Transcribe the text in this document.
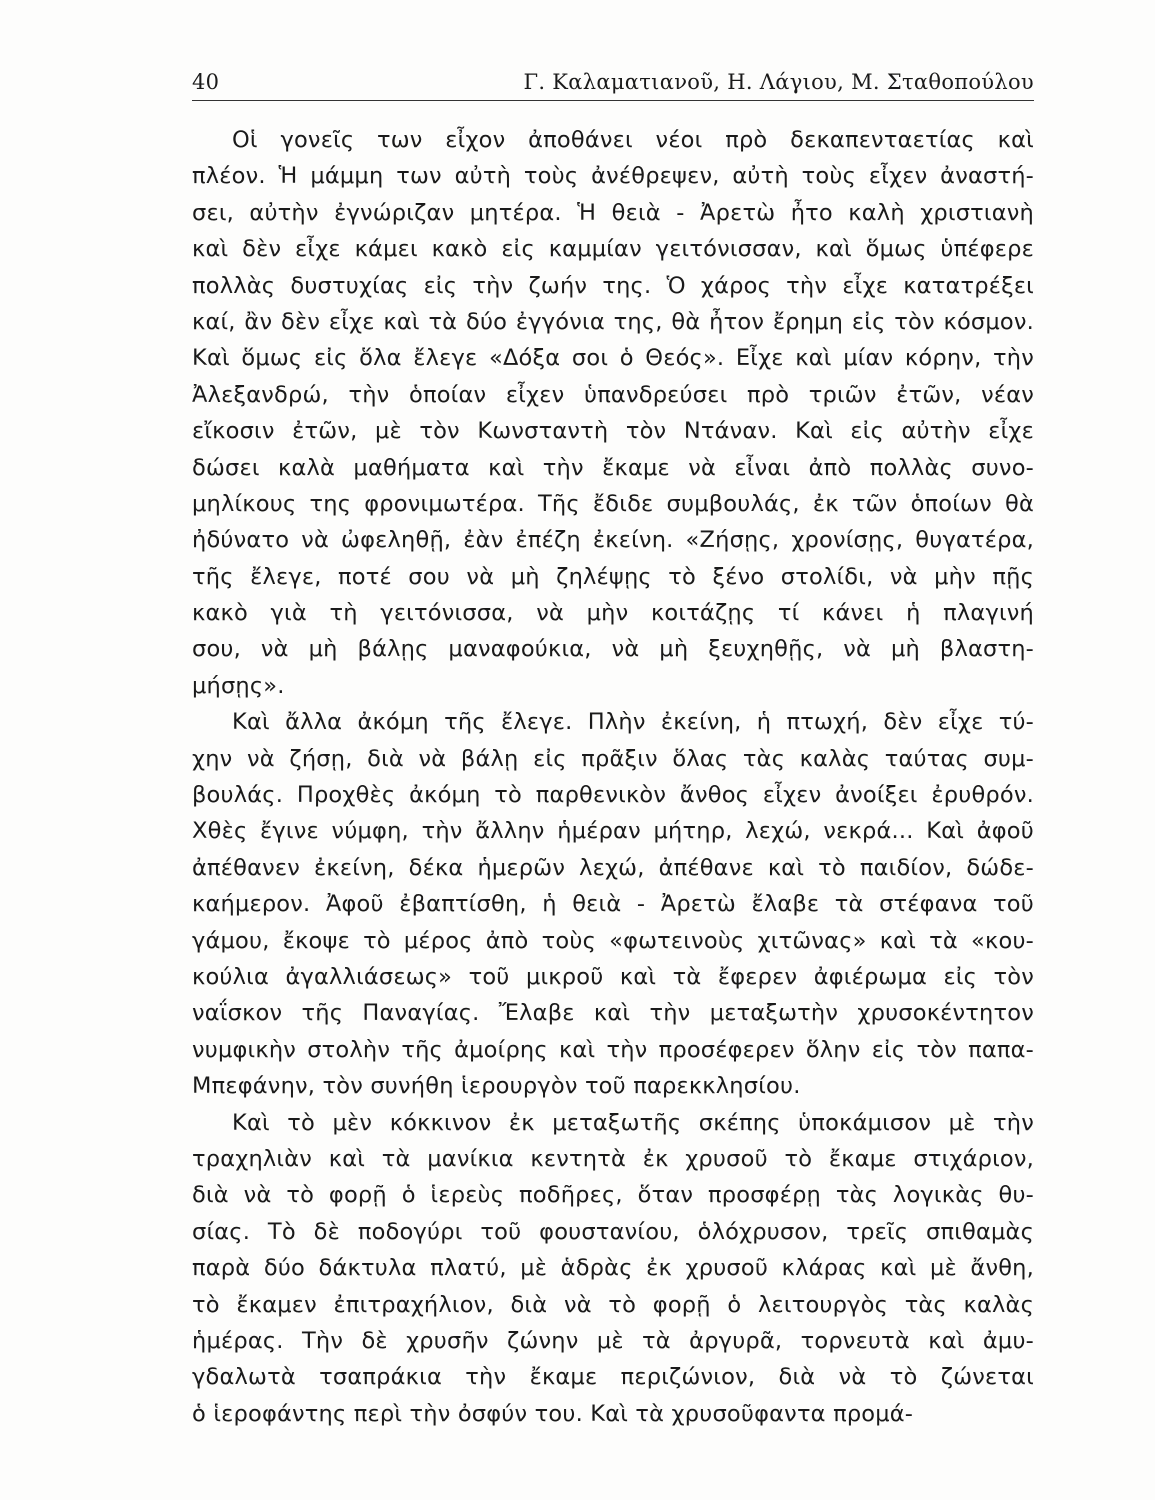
40	Γ. Καλαματιανοῦ, Η. Λάγιου, Μ. Σταθοπούλου
Οἱ γονεῖς των εἶχον ἀποθάνει νέοι πρὸ δεκαπενταετίας καὶ
πλέον. Ἡ μάμμη των αὐτὴ τοὺς ἀνέθρεψεν, αὐτὴ τοὺς εἶχεν ἀναστή-
σει, αὐτὴν ἐγνώριζαν μητέρα. Ἡ θειὰ - Ἀρετὼ ἦτο καλὴ χριστιανὴ
καὶ δὲν εἶχε κάμει κακὸ εἰς καμμίαν γειτόνισσαν, καὶ ὅμως ὑπέφερε
πολλὰς δυστυχίας εἰς τὴν ζωήν της. Ὁ χάρος τὴν εἶχε κατατρέξει
καί, ἂν δὲν εἶχε καὶ τὰ δύο ἐγγόνια της, θὰ ἦτον ἔρημη εἰς τὸν κόσμον.
Καὶ ὅμως εἰς ὅλα ἔλεγε «Δόξα σοι ὁ Θεός». Εἶχε καὶ μίαν κόρην, τὴν
Ἀλεξανδρώ, τὴν ὁποίαν εἶχεν ὑπανδρεύσει πρὸ τριῶν ἐτῶν, νέαν
εἴκοσιν ἐτῶν, μὲ τὸν Κωνσταντὴ τὸν Ντάναν. Καὶ εἰς αὐτὴν εἶχε
δώσει καλὰ μαθήματα καὶ τὴν ἔκαμε νὰ εἶναι ἀπὸ πολλὰς συνο-
μηλίκους της φρονιμωτέρα. Τῆς ἔδιδε συμβουλάς, ἐκ τῶν ὁποίων θὰ
ἠδύνατο νὰ ὠφεληθῇ, ἐὰν ἐπέζη ἐκείνη. «Ζήσῃς, χρονίσῃς, θυγατέρα,
τῆς ἔλεγε, ποτέ σου νὰ μὴ ζηλέψῃς τὸ ξένο στολίδι, νὰ μὴν πῇς
κακὸ γιὰ τὴ γειτόνισσα, νὰ μὴν κοιτάζῃς τί κάνει ἡ πλαγινή
σου, νὰ μὴ βάλῃς μαναφούκια, νὰ μὴ ξευχηθῇς, νὰ μὴ βλαστη-
μήσῃς».
Καὶ ἄλλα ἀκόμη τῆς ἔλεγε. Πλὴν ἐκείνη, ἡ πτωχή, δὲν εἶχε τύ-
χην νὰ ζήσῃ, διὰ νὰ βάλῃ εἰς πρᾶξιν ὅλας τὰς καλὰς ταύτας συμ-
βουλάς. Προχθὲς ἀκόμη τὸ παρθενικὸν ἄνθος εἶχεν ἀνοίξει ἐρυθρόν.
Χθὲς ἔγινε νύμφη, τὴν ἄλλην ἡμέραν μήτηρ, λεχώ, νεκρά... Καὶ ἀφοῦ
ἀπέθανεν ἐκείνη, δέκα ἡμερῶν λεχώ, ἀπέθανε καὶ τὸ παιδίον, δώδε-
καήμερον. Ἀφοῦ ἐβαπτίσθη, ἡ θειὰ - Ἀρετὼ ἔλαβε τὰ στέφανα τοῦ
γάμου, ἔκοψε τὸ μέρος ἀπὸ τοὺς «φωτεινοὺς χιτῶνας» καὶ τὰ «κου-
κούλια ἀγαλλιάσεως» τοῦ μικροῦ καὶ τὰ ἔφερεν ἀφιέρωμα εἰς τὸν
ναΐσκον τῆς Παναγίας. Ἔλαβε καὶ τὴν μεταξωτὴν χρυσοκέντητον
νυμφικὴν στολὴν τῆς ἀμοίρης καὶ τὴν προσέφερεν ὅλην εἰς τὸν παπα-
Μπεφάνην, τὸν συνήθη ἱερουργὸν τοῦ παρεκκλησίου.
Καὶ τὸ μὲν κόκκινον ἐκ μεταξωτῆς σκέπης ὑποκάμισον μὲ τὴν
τραχηλιὰν καὶ τὰ μανίκια κεντητὰ ἐκ χρυσοῦ τὸ ἔκαμε στιχάριον,
διὰ νὰ τὸ φορῇ ὁ ἱερεὺς ποδῆρες, ὅταν προσφέρῃ τὰς λογικὰς θυ-
σίας. Τὸ δὲ ποδογύρι τοῦ φουστανίου, ὁλόχρυσον, τρεῖς σπιθαμὰς
παρὰ δύο δάκτυλα πλατύ, μὲ ἁδρὰς ἐκ χρυσοῦ κλάρας καὶ μὲ ἄνθη,
τὸ ἔκαμεν ἐπιτραχήλιον, διὰ νὰ τὸ φορῇ ὁ λειτουργὸς τὰς καλὰς
ἡμέρας. Τὴν δὲ χρυσῆν ζώνην μὲ τὰ ἀργυρᾶ, τορνευτὰ καὶ ἀμυ-
γδαλωτὰ τσαπράκια τὴν ἔκαμε περιζώνιον, διὰ νὰ τὸ ζώνεται
ὁ ἱεροφάντης περὶ τὴν ὀσφύν του. Καὶ τὰ χρυσοῦφαντα προμά-
